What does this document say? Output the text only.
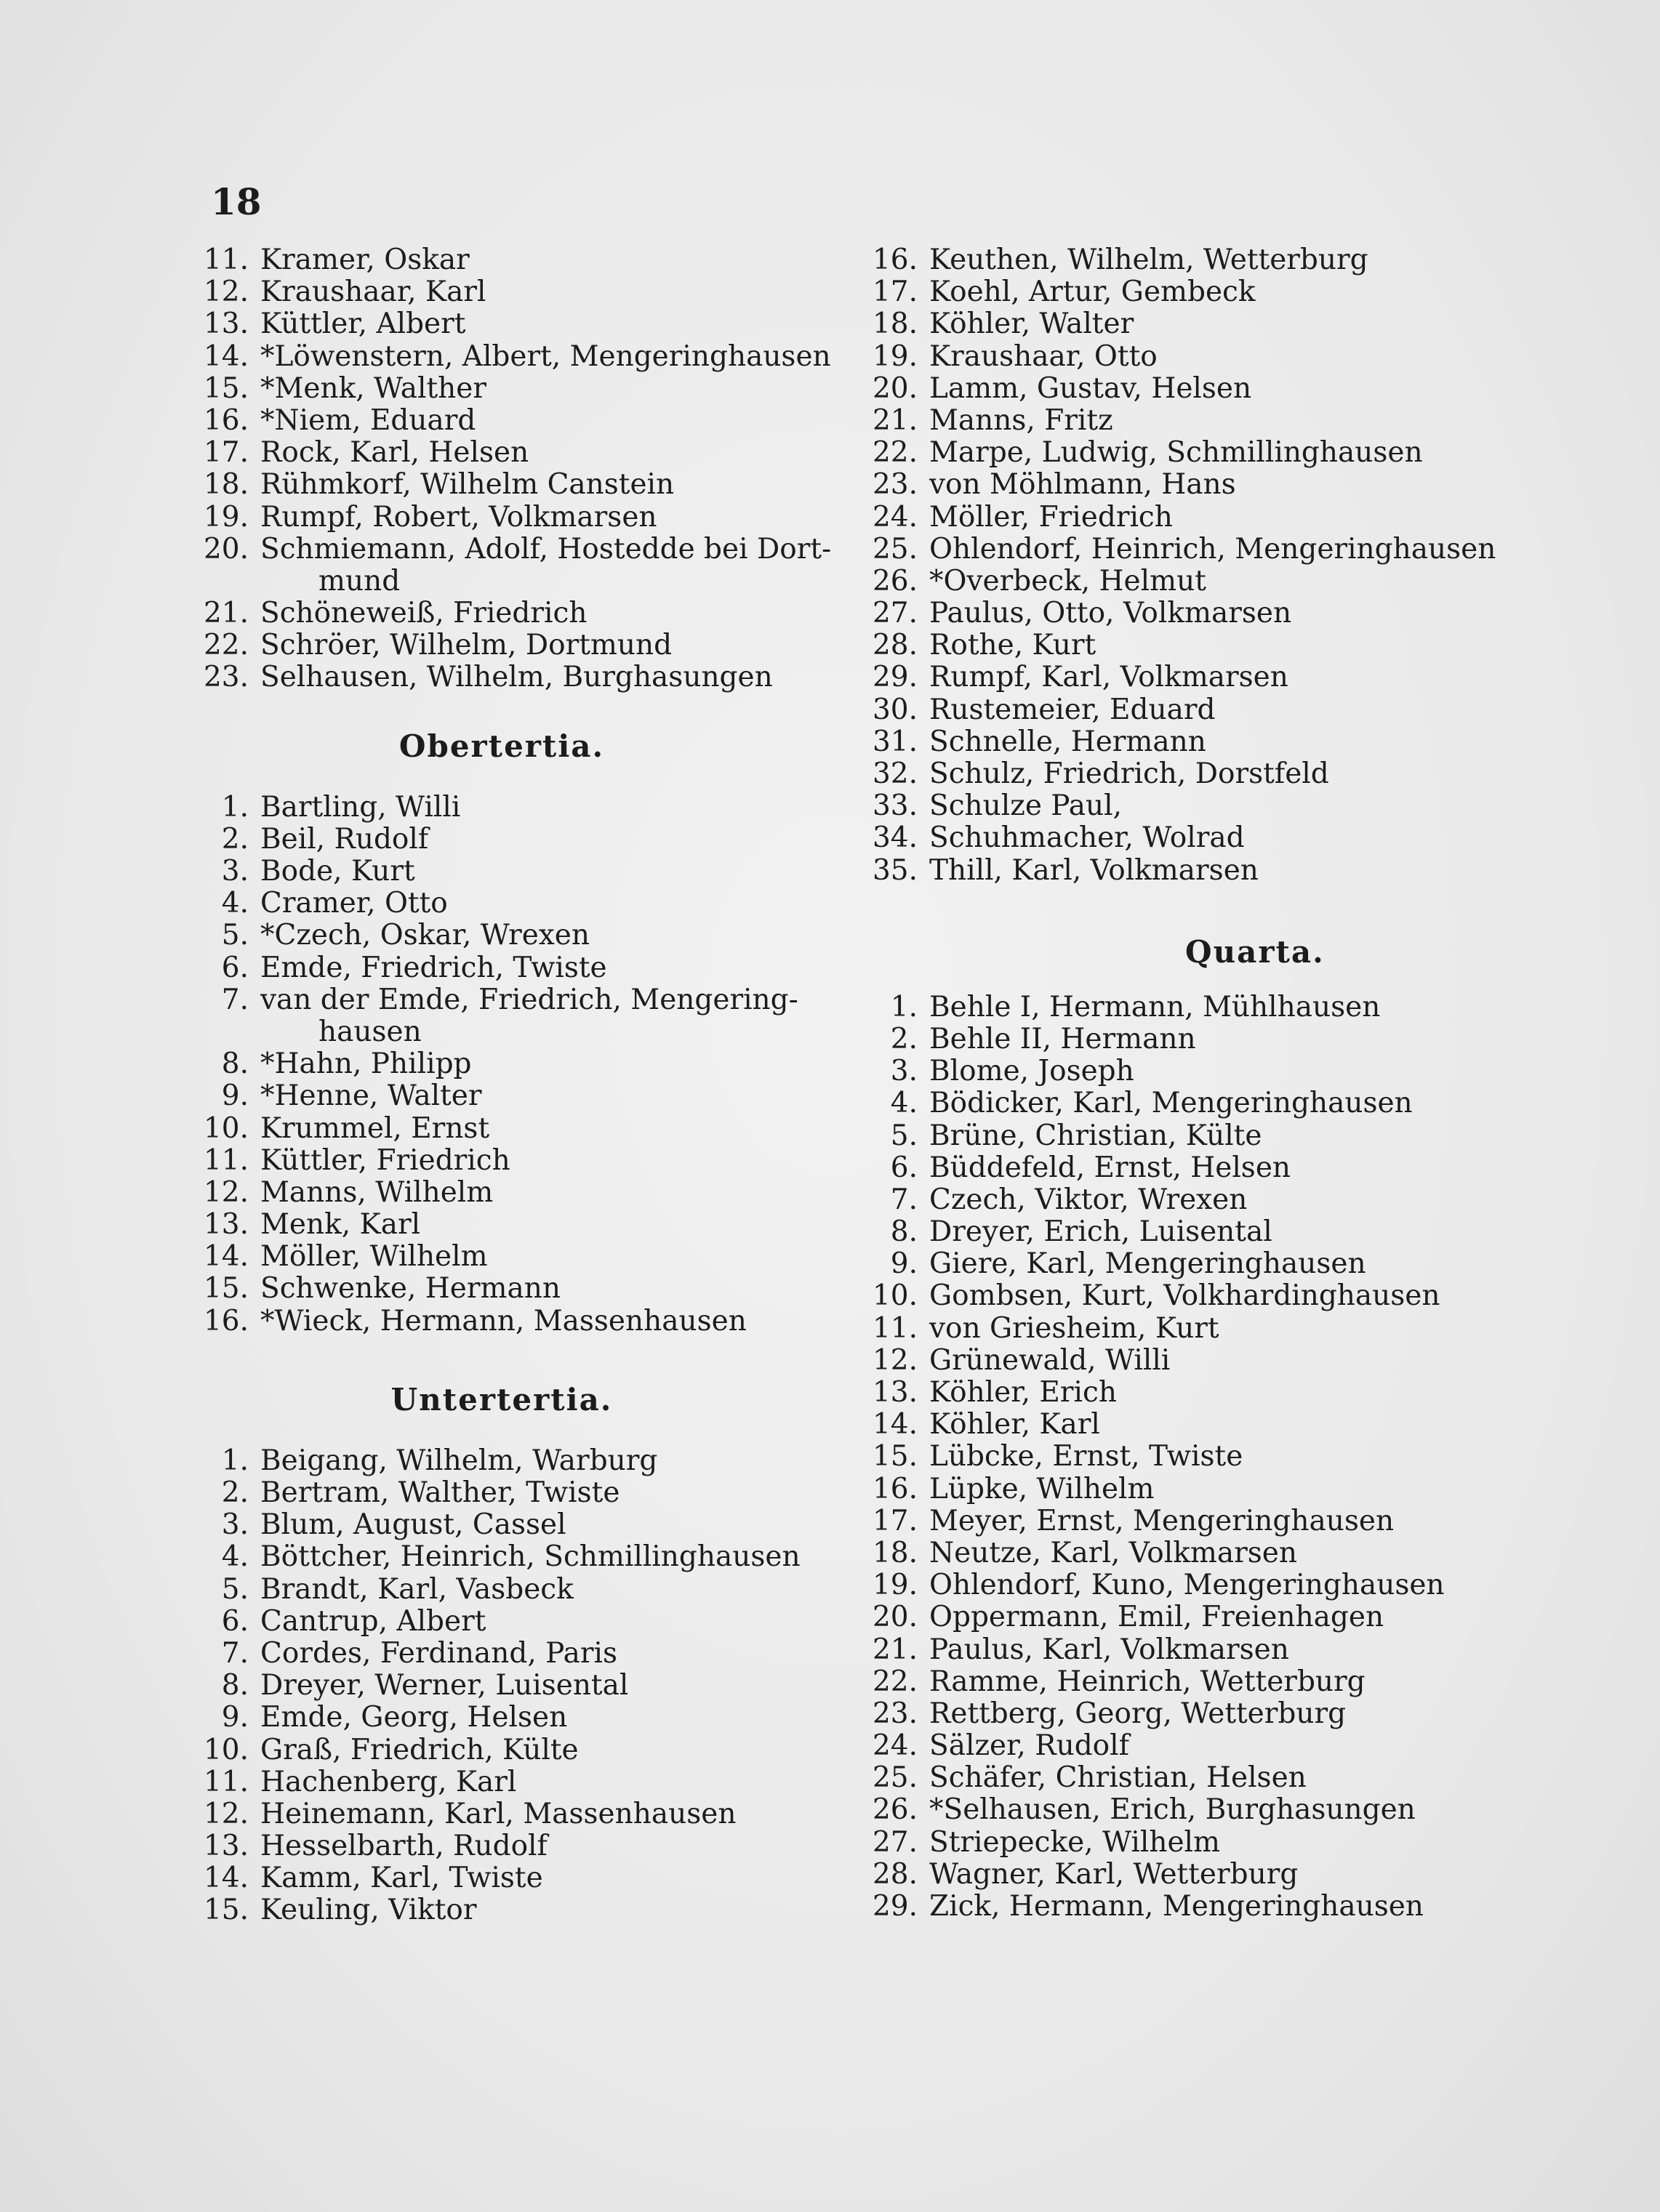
18
11. Kramer, Oskar
12. Kraushaar, Karl
13. Küttler, Albert
14. *Löwenstern, Albert, Mengeringhausen
15. *Menk, Walther
16. *Niem, Eduard
17. Rock, Karl, Helsen
18. Rühmkorf, Wilhelm Canstein
19. Rumpf, Robert, Volkmarsen
20. Schmiemann, Adolf, Hostedde bei Dort-
mund
21. Schöneweiß, Friedrich
22. Schröer, Wilhelm, Dortmund
23. Selhausen, Wilhelm, Burghasungen
Obertertia.
1. Bartling, Willi
2. Beil, Rudolf
3. Bode, Kurt
4. Cramer, Otto
5. *Czech, Oskar, Wrexen
6. Emde, Friedrich, Twiste
7. van der Emde, Friedrich, Mengering-
hausen
8. *Hahn, Philipp
9. *Henne, Walter
10. Krummel, Ernst
11. Küttler, Friedrich
12. Manns, Wilhelm
13. Menk, Karl
14. Möller, Wilhelm
15. Schwenke, Hermann
16. *Wieck, Hermann, Massenhausen
Untertertia.
1. Beigang, Wilhelm, Warburg
2. Bertram, Walther, Twiste
3. Blum, August, Cassel
4. Böttcher, Heinrich, Schmillinghausen
5. Brandt, Karl, Vasbeck
6. Cantrup, Albert
7. Cordes, Ferdinand, Paris
8. Dreyer, Werner, Luisental
9. Emde, Georg, Helsen
10. Graß, Friedrich, Külte
11. Hachenberg, Karl
12. Heinemann, Karl, Massenhausen
13. Hesselbarth, Rudolf
14. Kamm, Karl, Twiste
15. Keuling, Viktor
16. Keuthen, Wilhelm, Wetterburg
17. Koehl, Artur, Gembeck
18. Köhler, Walter
19. Kraushaar, Otto
20. Lamm, Gustav, Helsen
21. Manns, Fritz
22. Marpe, Ludwig, Schmillinghausen
23. von Möhlmann, Hans
24. Möller, Friedrich
25. Ohlendorf, Heinrich, Mengeringhausen
26. *Overbeck, Helmut
27. Paulus, Otto, Volkmarsen
28. Rothe, Kurt
29. Rumpf, Karl, Volkmarsen
30. Rustemeier, Eduard
31. Schnelle, Hermann
32. Schulz, Friedrich, Dorstfeld
33. Schulze Paul,
34. Schuhmacher, Wolrad
35. Thill, Karl, Volkmarsen
Quarta.
1. Behle I, Hermann, Mühlhausen
2. Behle II, Hermann
3. Blome, Joseph
4. Bödicker, Karl, Mengeringhausen
5. Brüne, Christian, Külte
6. Büddefeld, Ernst, Helsen
7. Czech, Viktor, Wrexen
8. Dreyer, Erich, Luisental
9. Giere, Karl, Mengeringhausen
10. Gombsen, Kurt, Volkhardinghausen
11. von Griesheim, Kurt
12. Grünewald, Willi
13. Köhler, Erich
14. Köhler, Karl
15. Lübcke, Ernst, Twiste
16. Lüpke, Wilhelm
17. Meyer, Ernst, Mengeringhausen
18. Neutze, Karl, Volkmarsen
19. Ohlendorf, Kuno, Mengeringhausen
20. Oppermann, Emil, Freienhagen
21. Paulus, Karl, Volkmarsen
22. Ramme, Heinrich, Wetterburg
23. Rettberg, Georg, Wetterburg
24. Sälzer, Rudolf
25. Schäfer, Christian, Helsen
26. *Selhausen, Erich, Burghasungen
27. Striepecke, Wilhelm
28. Wagner, Karl, Wetterburg
29. Zick, Hermann, Mengeringhausen
